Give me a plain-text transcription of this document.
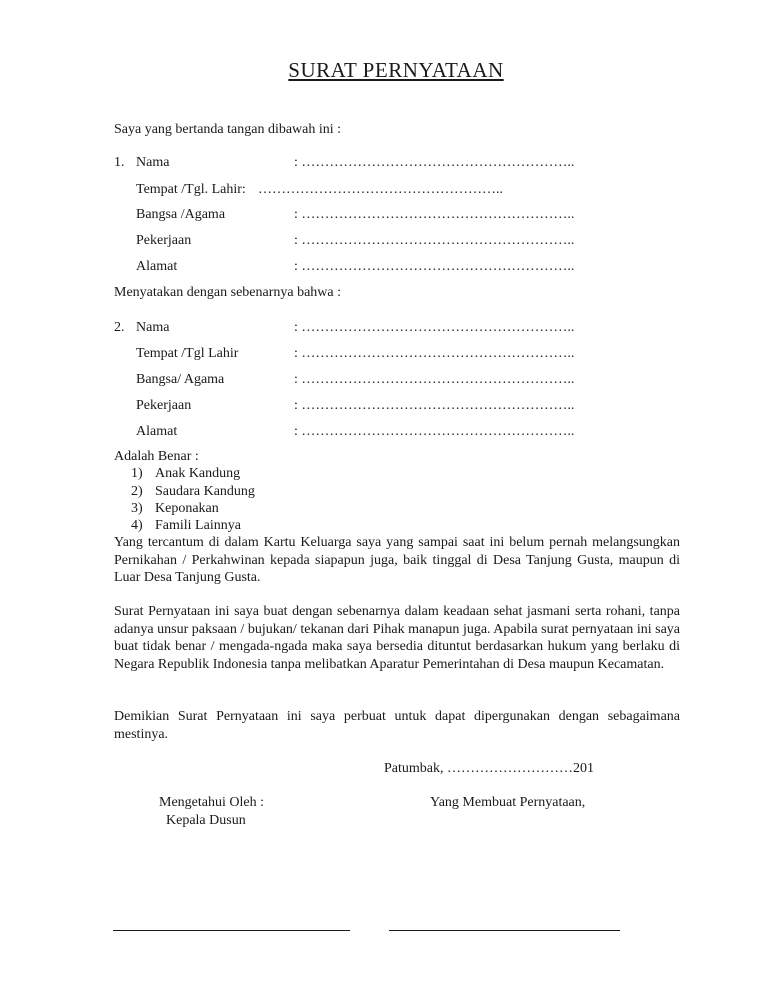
SURAT PERNYATAAN
Saya yang bertanda tangan dibawah ini :
1. Nama	: …………………………………………………..
Tempat /Tgl. Lahir: ……………………………………………..
Bangsa /Agama	: …………………………………………………..
Pekerjaan	: …………………………………………………..
Alamat	: …………………………………………………..
Menyatakan dengan sebenarnya bahwa :
2. Nama	: …………………………………………………..
Tempat /Tgl Lahir	: …………………………………………………..
Bangsa/ Agama	: …………………………………………………..
Pekerjaan	: …………………………………………………..
Alamat	: …………………………………………………..
Adalah Benar :
1) Anak Kandung
2) Saudara Kandung
3) Keponakan
4) Famili Lainnya
Yang tercantum di dalam Kartu Keluarga saya yang sampai saat ini belum pernah melangsungkan Pernikahan / Perkahwinan kepada siapapun juga, baik tinggal di Desa Tanjung Gusta, maupun di Luar Desa Tanjung Gusta.
Surat Pernyataan ini saya buat dengan sebenarnya dalam keadaan sehat jasmani serta rohani, tanpa adanya unsur paksaan / bujukan/ tekanan dari Pihak manapun juga. Apabila surat pernyataan ini saya buat tidak benar / mengada-ngada maka saya bersedia dituntut berdasarkan hukum yang berlaku di Negara Republik Indonesia tanpa melibatkan Aparatur Pemerintahan di Desa maupun Kecamatan.
Demikian Surat Pernyataan ini saya perbuat untuk dapat dipergunakan dengan sebagaimana mestinya.
Patumbak, ………………………201
Mengetahui Oleh :
Kepala Dusun
Yang Membuat Pernyataan,
